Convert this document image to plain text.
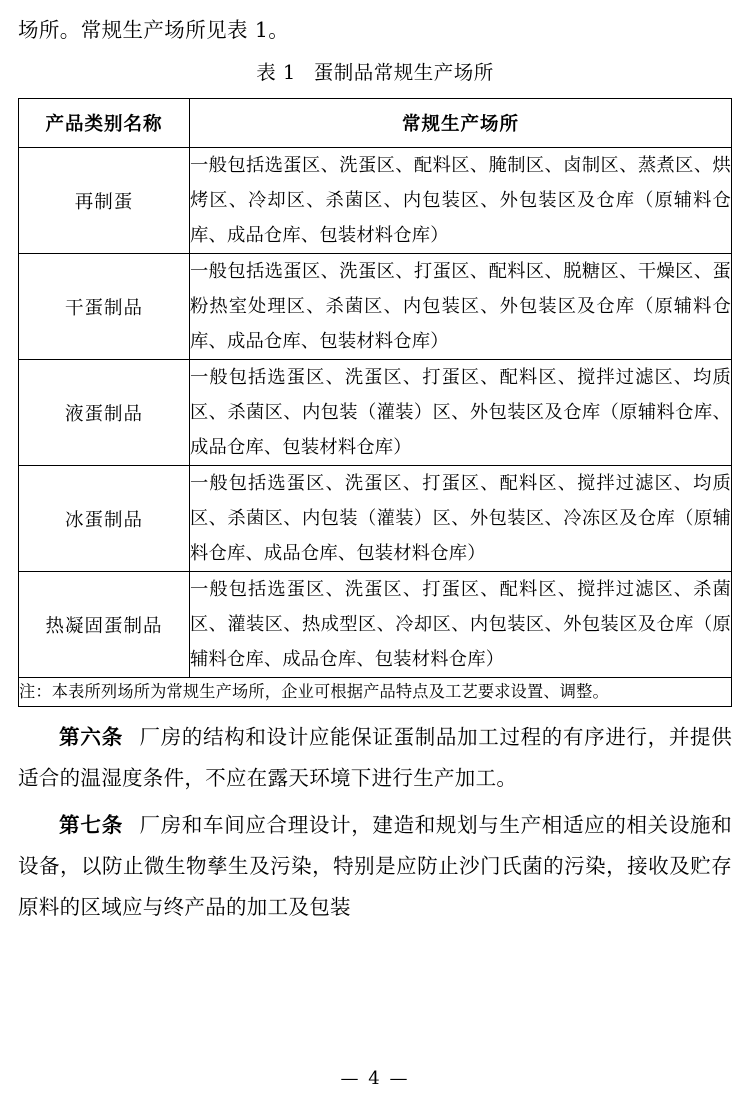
场所。常规生产场所见表 1。

表 1 蛋制品常规生产场所
产品类别名称	常规生产场所
再制蛋	一般包括选蛋区、洗蛋区、配料区、腌制区、卤制区、蒸煮区、烘烤区、冷却区、杀菌区、内包装区、外包装区及仓库（原辅料仓库、成品仓库、包装材料仓库）
干蛋制品	一般包括选蛋区、洗蛋区、打蛋区、配料区、脱糖区、干燥区、蛋粉热室处理区、杀菌区、内包装区、外包装区及仓库（原辅料仓库、成品仓库、包装材料仓库）
液蛋制品	一般包括选蛋区、洗蛋区、打蛋区、配料区、搅拌过滤区、均质区、杀菌区、内包装（灌装）区、外包装区及仓库（原辅料仓库、成品仓库、包装材料仓库）
冰蛋制品	一般包括选蛋区、洗蛋区、打蛋区、配料区、搅拌过滤区、均质区、杀菌区、内包装（灌装）区、外包装区、冷冻区及仓库（原辅料仓库、成品仓库、包装材料仓库）
热凝固蛋制品	一般包括选蛋区、洗蛋区、打蛋区、配料区、搅拌过滤区、杀菌区、灌装区、热成型区、冷却区、内包装区、外包装区及仓库（原辅料仓库、成品仓库、包装材料仓库）
注：本表所列场所为常规生产场所，企业可根据产品特点及工艺要求设置、调整。	

第六条 厂房的结构和设计应能保证蛋制品加工过程的有序进行，并提供适合的温湿度条件，不应在露天环境下进行生产加工。

第七条 厂房和车间应合理设计，建造和规划与生产相适应的相关设施和设备，以防止微生物孳生及污染，特别是应防止沙门氏菌的污染，接收及贮存原料的区域应与终产品的加工及包装

— 4 —
